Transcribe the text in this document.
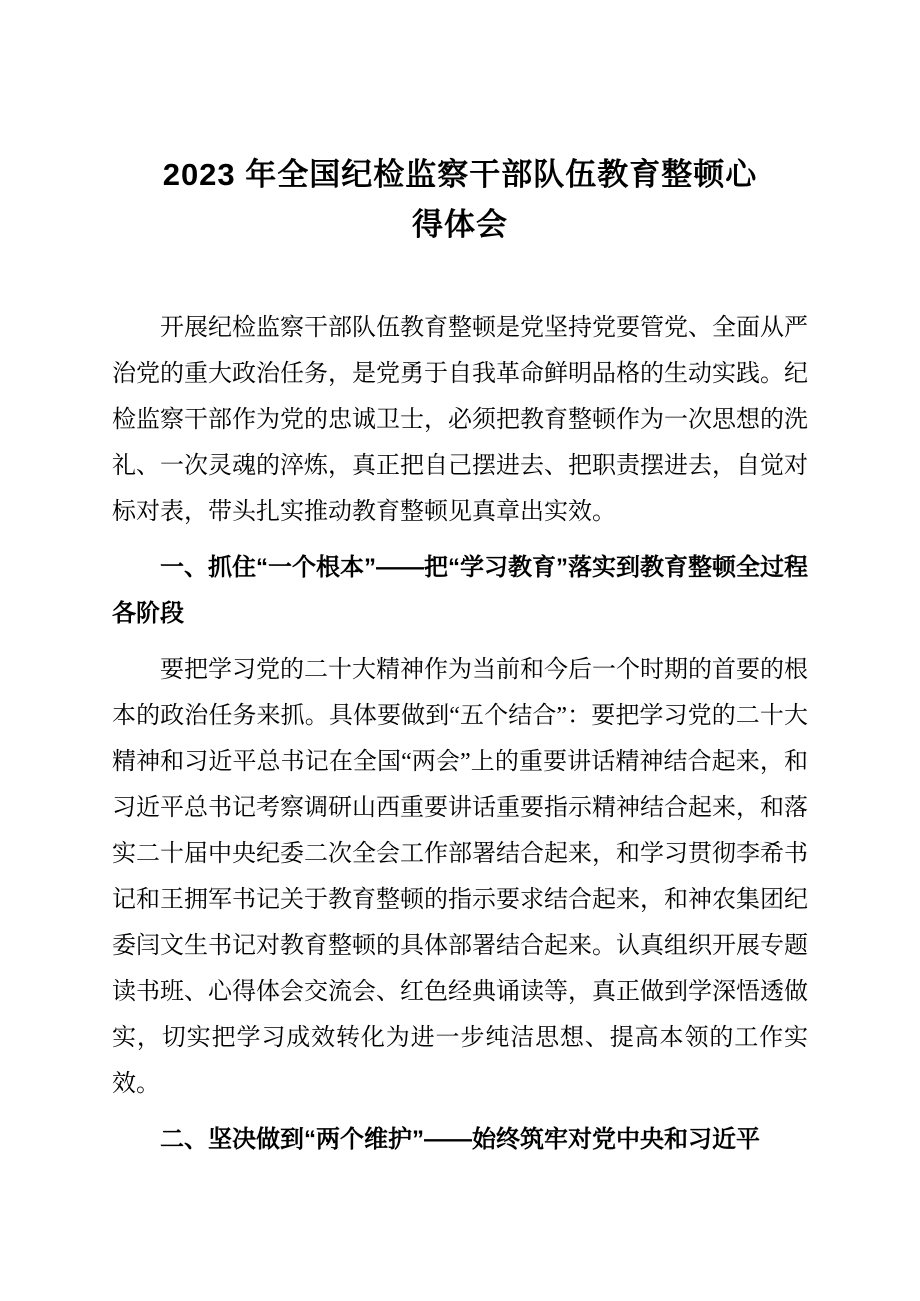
2023 年全国纪检监察干部队伍教育整顿心
得体会

开展纪检监察干部队伍教育整顿是党坚持党要管党、全面从严治党的重大政治任务，是党勇于自我革命鲜明品格的生动实践。纪检监察干部作为党的忠诚卫士，必须把教育整顿作为一次思想的洗礼、一次灵魂的淬炼，真正把自己摆进去、把职责摆进去，自觉对标对表，带头扎实推动教育整顿见真章出实效。

一、抓住“一个根本”——把“学习教育”落实到教育整顿全过程各阶段

要把学习党的二十大精神作为当前和今后一个时期的首要的根本的政治任务来抓。具体要做到“五个结合”：要把学习党的二十大精神和习近平总书记在全国“两会”上的重要讲话精神结合起来，和习近平总书记考察调研山西重要讲话重要指示精神结合起来，和落实二十届中央纪委二次全会工作部署结合起来，和学习贯彻李希书记和王拥军书记关于教育整顿的指示要求结合起来，和神农集团纪委闫文生书记对教育整顿的具体部署结合起来。认真组织开展专题读书班、心得体会交流会、红色经典诵读等，真正做到学深悟透做实，切实把学习成效转化为进一步纯洁思想、提高本领的工作实效。

二、坚决做到“两个维护”——始终筑牢对党中央和习近平
